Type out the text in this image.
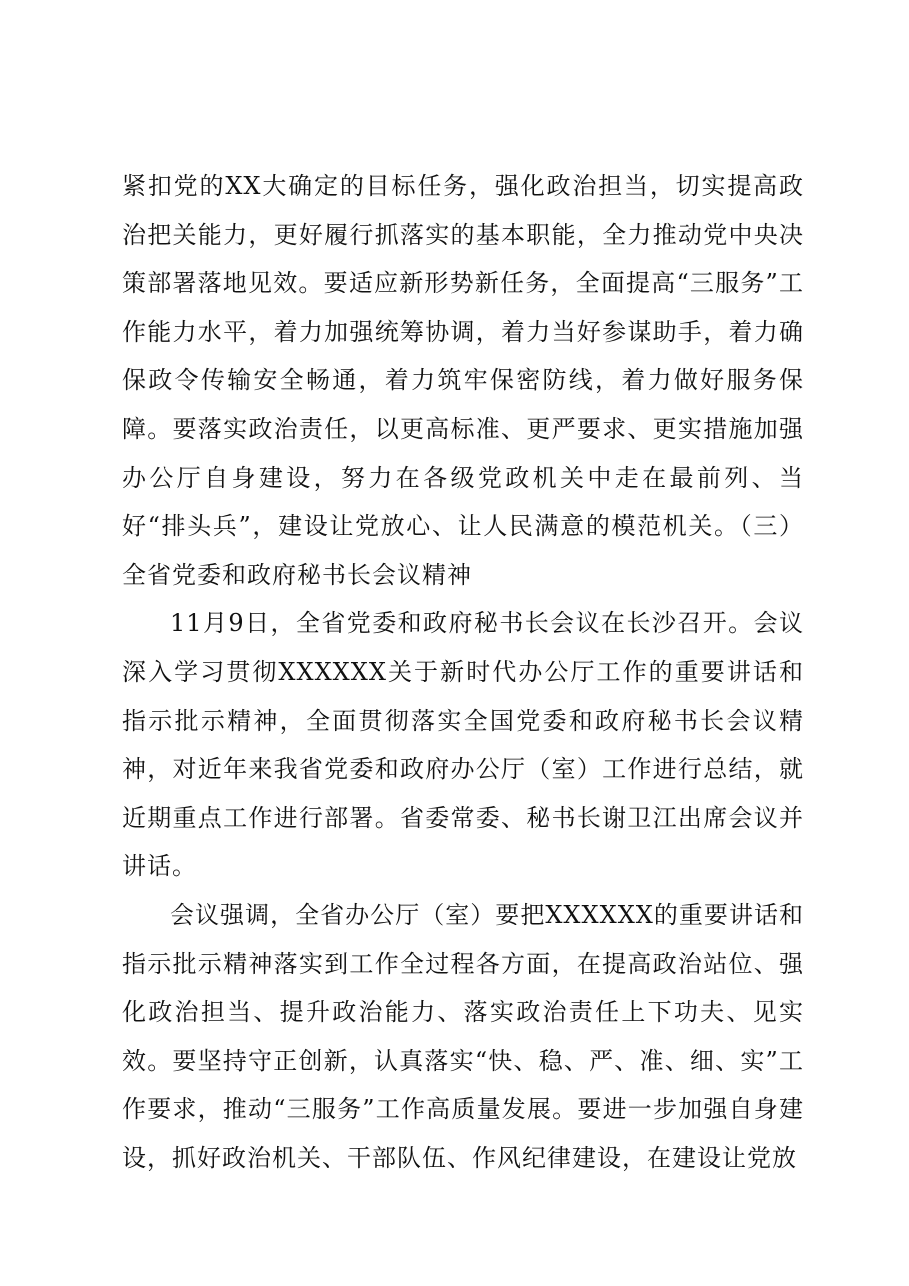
紧扣党的XX大确定的目标任务，强化政治担当，切实提高政治把关能力，更好履行抓落实的基本职能，全力推动党中央决策部署落地见效。要适应新形势新任务，全面提高“三服务”工作能力水平，着力加强统筹协调，着力当好参谋助手，着力确保政令传输安全畅通，着力筑牢保密防线，着力做好服务保障。要落实政治责任，以更高标准、更严要求、更实措施加强办公厅自身建设，努力在各级党政机关中走在最前列、当好“排头兵”，建设让党放心、让人民满意的模范机关。（三）全省党委和政府秘书长会议精神

11月9日，全省党委和政府秘书长会议在长沙召开。会议深入学习贯彻XXXXXX关于新时代办公厅工作的重要讲话和指示批示精神，全面贯彻落实全国党委和政府秘书长会议精神，对近年来我省党委和政府办公厅（室）工作进行总结，就近期重点工作进行部署。省委常委、秘书长谢卫江出席会议并讲话。

会议强调，全省办公厅（室）要把XXXXXX的重要讲话和指示批示精神落实到工作全过程各方面，在提高政治站位、强化政治担当、提升政治能力、落实政治责任上下功夫、见实效。要坚持守正创新，认真落实“快、稳、严、准、细、实”工作要求，推动“三服务”工作高质量发展。要进一步加强自身建设，抓好政治机关、干部队伍、作风纪律建设，在建设让党放
